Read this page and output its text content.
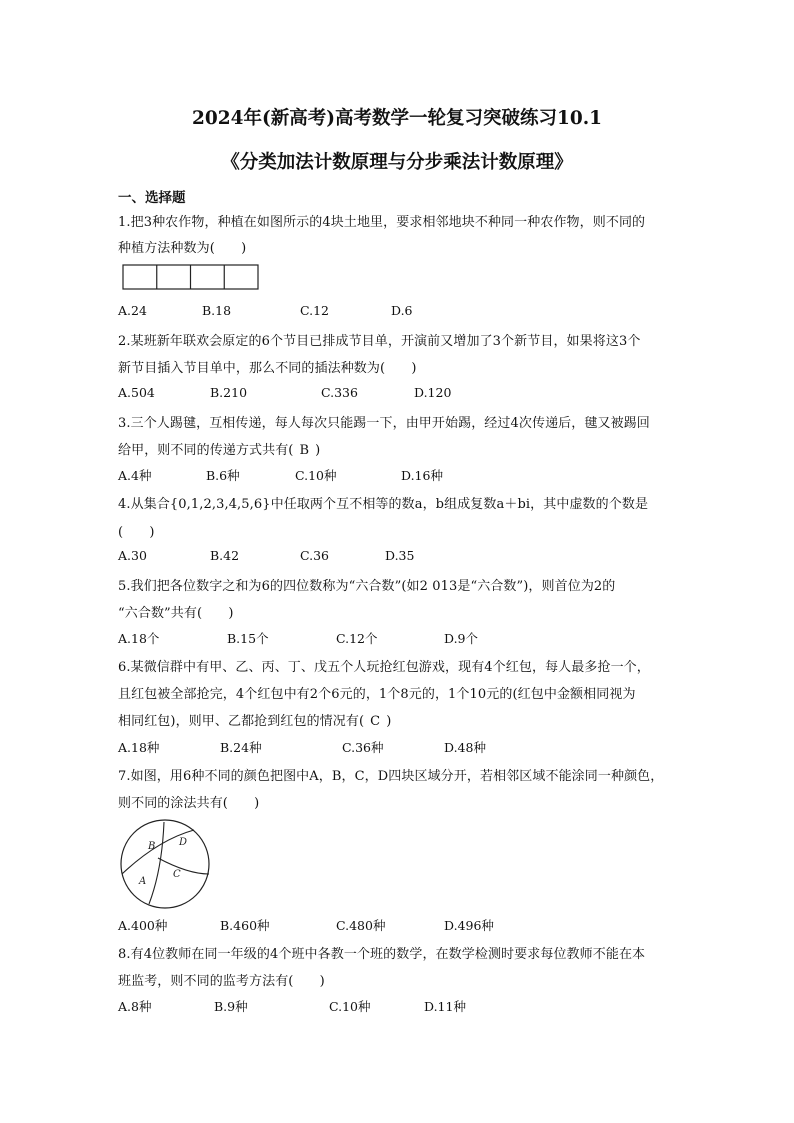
2024年(新高考)高考数学一轮复习突破练习10.1
《分类加法计数原理与分步乘法计数原理》
一、选择题
1.把3种农作物，种植在如图所示的4块土地里，要求相邻地块不种同一种农作物，则不同的
种植方法种数为(　　)
A.24	B.18	C.12	D.6
2.某班新年联欢会原定的6个节目已排成节目单，开演前又增加了3个新节目，如果将这3个
新节目插入节目单中，那么不同的插法种数为(　　)
A.504	B.210	C.336	D.120
3.三个人踢毽，互相传递，每人每次只能踢一下，由甲开始踢，经过4次传递后，毽又被踢回
给甲，则不同的传递方式共有( B )
A.4种	B.6种	C.10种	D.16种
4.从集合{0,1,2,3,4,5,6}中任取两个互不相等的数a，b组成复数a＋bi，其中虚数的个数是
(　　)
A.30	B.42	C.36	D.35
5.我们把各位数字之和为6的四位数称为“六合数”(如2 013是“六合数”)，则首位为2的
“六合数”共有(　　)
A.18个	B.15个	C.12个	D.9个
6.某微信群中有甲、乙、丙、丁、戊五个人玩抢红包游戏，现有4个红包，每人最多抢一个，
且红包被全部抢完，4个红包中有2个6元的，1个8元的，1个10元的(红包中金额相同视为
相同红包)，则甲、乙都抢到红包的情况有( C )
A.18种	B.24种	C.36种	D.48种
7.如图，用6种不同的颜色把图中A，B，C，D四块区域分开，若相邻区域不能涂同一种颜色，
则不同的涂法共有(　　)
B D
A
C
A.400种	B.460种	C.480种	D.496种
8.有4位教师在同一年级的4个班中各教一个班的数学，在数学检测时要求每位教师不能在本
班监考，则不同的监考方法有(　　)
A.8种	B.9种	C.10种	D.11种
